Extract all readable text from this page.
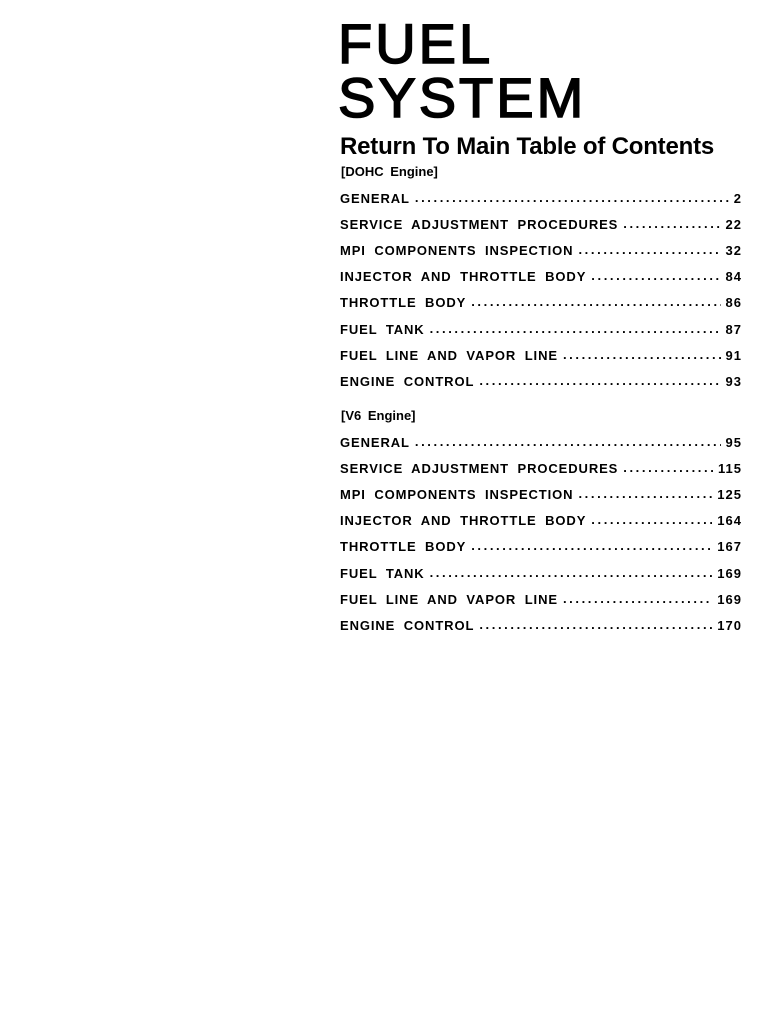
FUEL
SYSTEM
Return To Main Table of Contents
[DOHC Engine]
GENERAL .....	2
SERVICE ADJUSTMENT PROCEDURES .....	22
MPI COMPONENTS INSPECTION .....	32
INJECTOR AND THROTTLE BODY .....	84
THROTTLE BODY .....	86
FUEL TANK .....	87
FUEL LINE AND VAPOR LINE .....	91
ENGINE CONTROL .....	93
[V6 Engine]
GENERAL .....	95
SERVICE ADJUSTMENT PROCEDURES .....	115
MPI COMPONENTS INSPECTION .....	125
INJECTOR AND THROTTLE BODY .....	164
THROTTLE BODY .....	167
FUEL TANK .....	169
FUEL LINE AND VAPOR LINE .....	169
ENGINE CONTROL .....	170
